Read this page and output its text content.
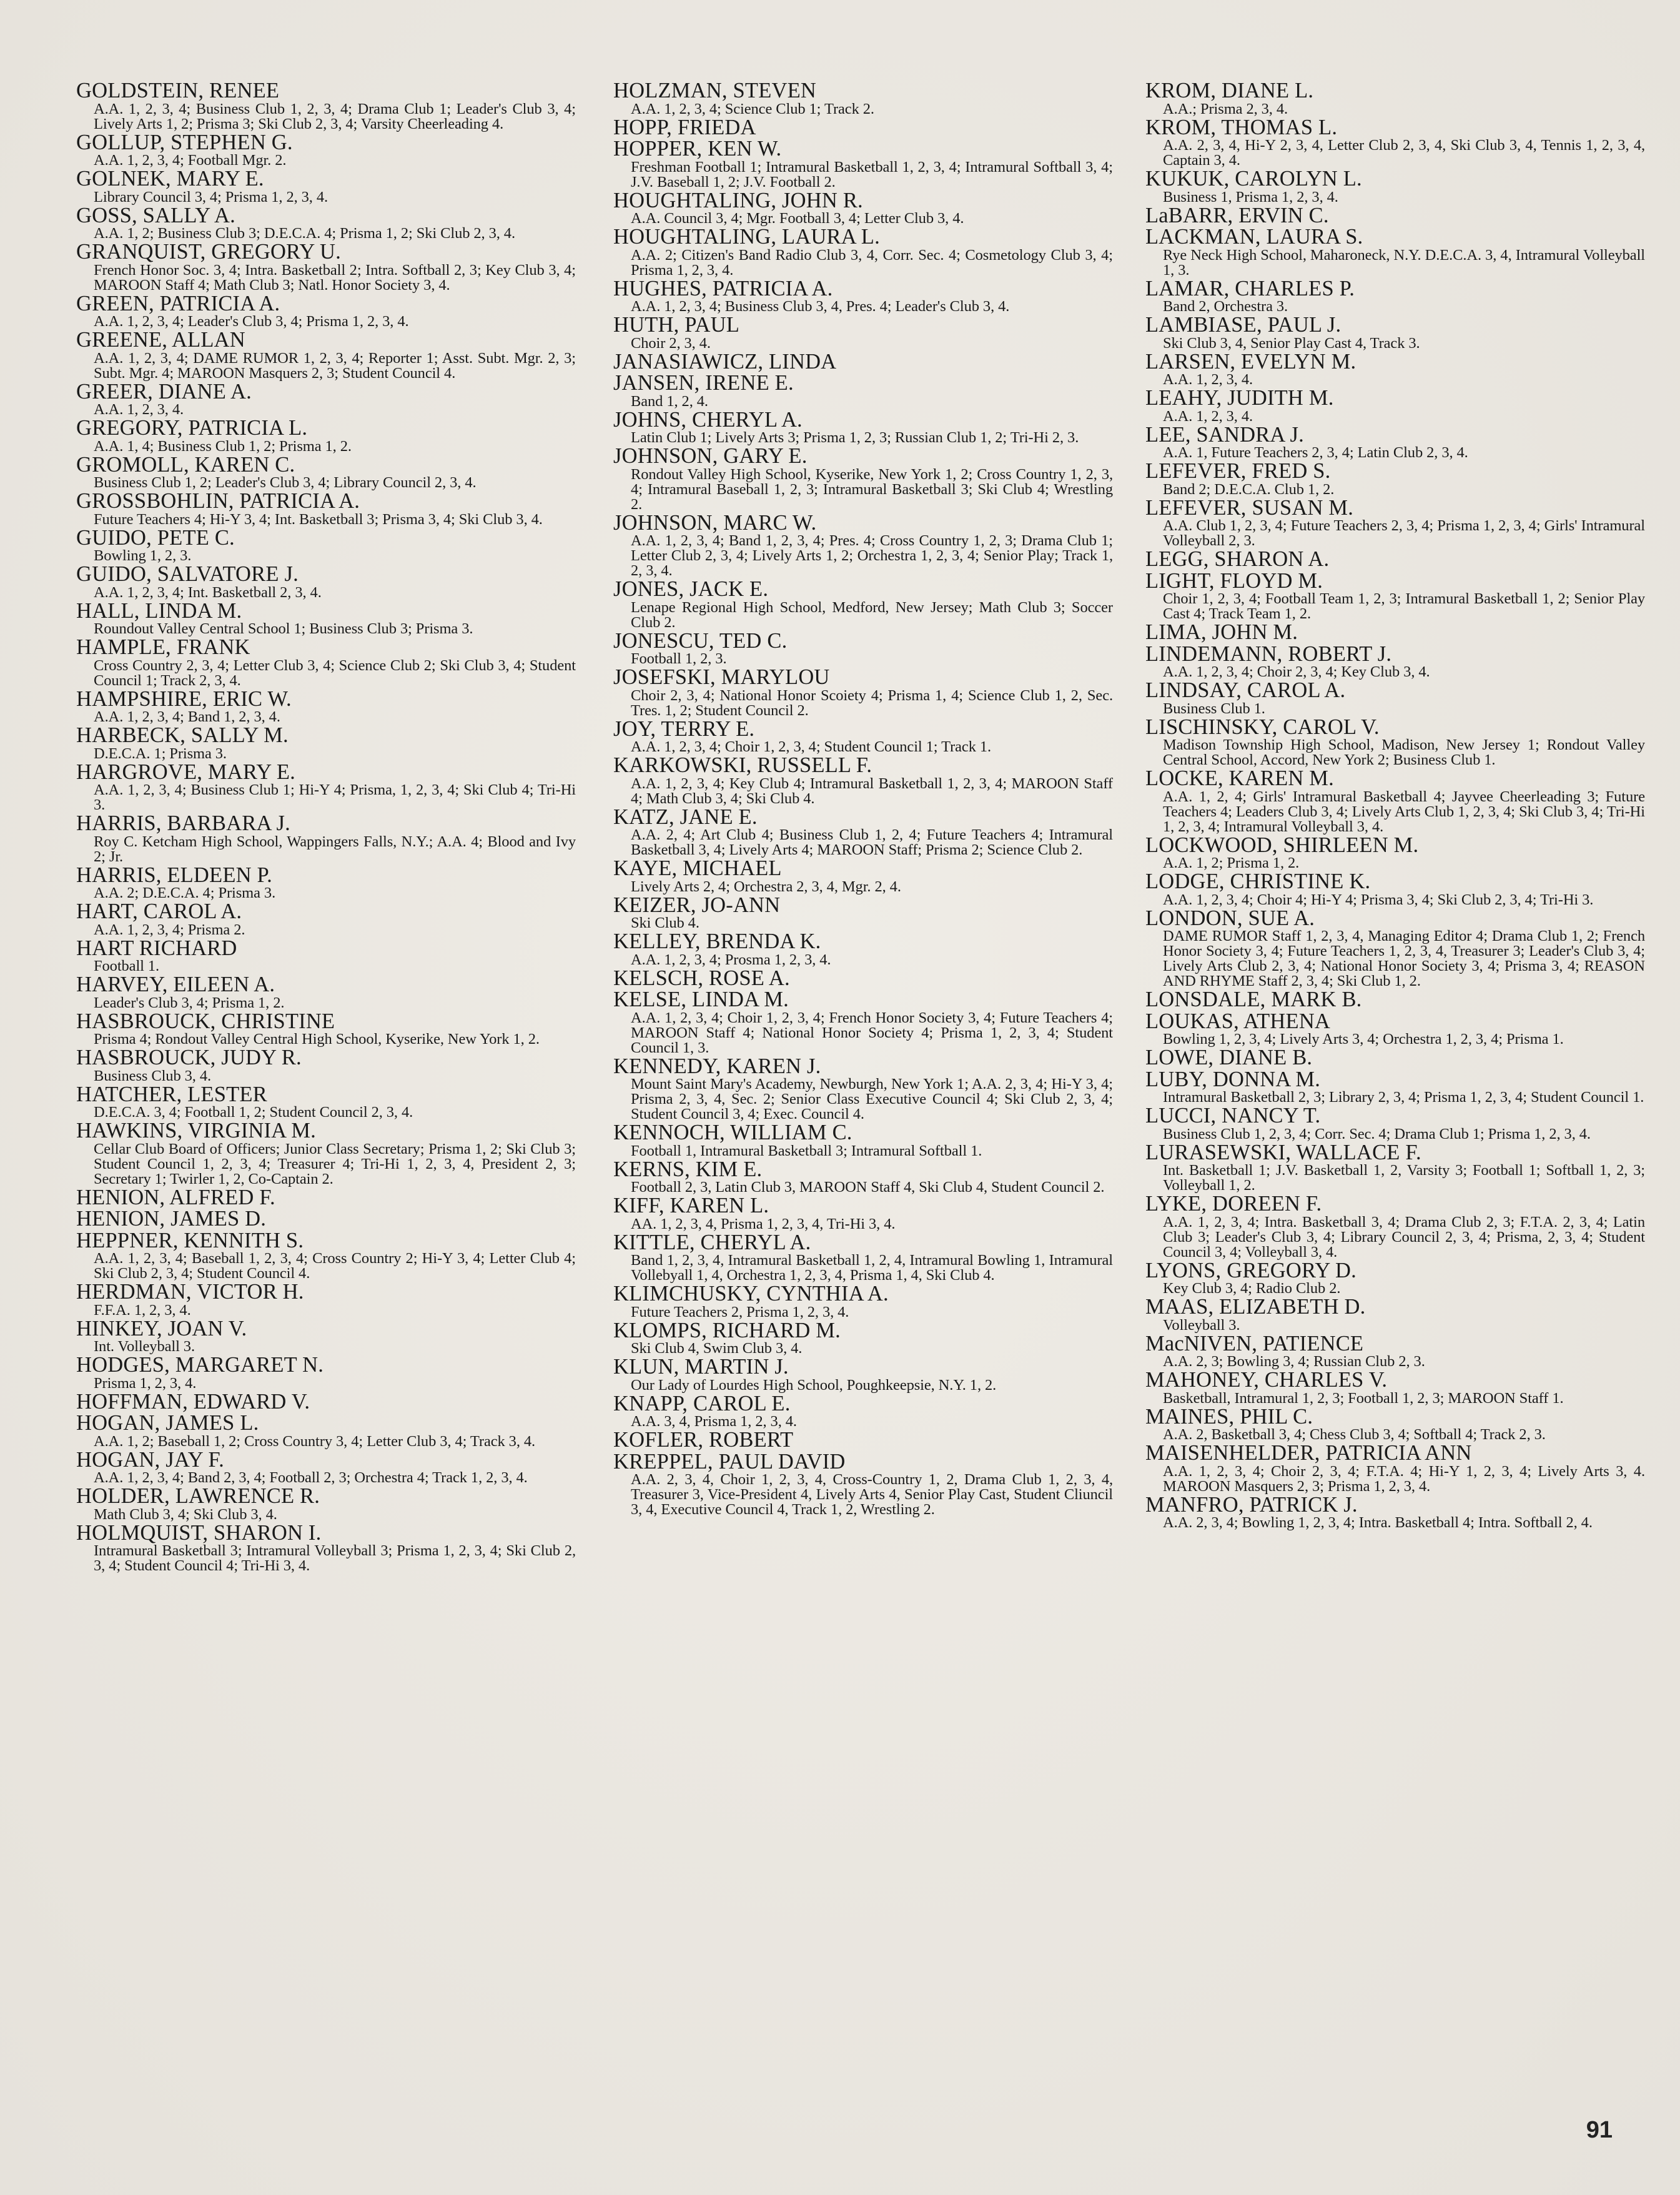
GOLDSTEIN, RENEE
A.A. 1, 2, 3, 4; Business Club 1, 2, 3, 4; Drama Club 1; Leader's Club 3, 4; Lively Arts 1, 2; Prisma 3; Ski Club 2, 3, 4; Varsity Cheerleading 4.
GOLLUP, STEPHEN G.
A.A. 1, 2, 3, 4; Football Mgr. 2.
GOLNEK, MARY E.
Library Council 3, 4; Prisma 1, 2, 3, 4.
GOSS, SALLY A.
A.A. 1, 2; Business Club 3; D.E.C.A. 4; Prisma 1, 2; Ski Club 2, 3, 4.
GRANQUIST, GREGORY U.
French Honor Soc. 3, 4; Intra. Basketball 2; Intra. Softball 2, 3; Key Club 3, 4; MAROON Staff 4; Math Club 3; Natl. Honor Society 3, 4.
GREEN, PATRICIA A.
A.A. 1, 2, 3, 4; Leader's Club 3, 4; Prisma 1, 2, 3, 4.
GREENE, ALLAN
A.A. 1, 2, 3, 4; DAME RUMOR 1, 2, 3, 4; Reporter 1; Asst. Subt. Mgr. 2, 3; Subt. Mgr. 4; MAROON Masquers 2, 3; Student Council 4.
GREER, DIANE A.
A.A. 1, 2, 3, 4.
GREGORY, PATRICIA L.
A.A. 1, 4; Business Club 1, 2; Prisma 1, 2.
GROMOLL, KAREN C.
Business Club 1, 2; Leader's Club 3, 4; Library Council 2, 3, 4.
GROSSBOHLIN, PATRICIA A.
Future Teachers 4; Hi-Y 3, 4; Int. Basketball 3; Prisma 3, 4; Ski Club 3, 4.
GUIDO, PETE C.
Bowling 1, 2, 3.
GUIDO, SALVATORE J.
A.A. 1, 2, 3, 4; Int. Basketball 2, 3, 4.
HALL, LINDA M.
Roundout Valley Central School 1; Business Club 3; Prisma 3.
HAMPLE, FRANK
Cross Country 2, 3, 4; Letter Club 3, 4; Science Club 2; Ski Club 3, 4; Student Council 1; Track 2, 3, 4.
HAMPSHIRE, ERIC W.
A.A. 1, 2, 3, 4; Band 1, 2, 3, 4.
HARBECK, SALLY M.
D.E.C.A. 1; Prisma 3.
HARGROVE, MARY E.
A.A. 1, 2, 3, 4; Business Club 1; Hi-Y 4; Prisma, 1, 2, 3, 4; Ski Club 4; Tri-Hi 3.
HARRIS, BARBARA J.
Roy C. Ketcham High School, Wappingers Falls, N.Y.; A.A. 4; Blood and Ivy 2; Jr.
HARRIS, ELDEEN P.
A.A. 2; D.E.C.A. 4; Prisma 3.
HART, CAROL A.
A.A. 1, 2, 3, 4; Prisma 2.
HART RICHARD
Football 1.
HARVEY, EILEEN A.
Leader's Club 3, 4; Prisma 1, 2.
HASBROUCK, CHRISTINE
Prisma 4; Rondout Valley Central High School, Kyserike, New York 1, 2.
HASBROUCK, JUDY R.
Business Club 3, 4.
HATCHER, LESTER
D.E.C.A. 3, 4; Football 1, 2; Student Council 2, 3, 4.
HAWKINS, VIRGINIA M.
Cellar Club Board of Officers; Junior Class Secretary; Prisma 1, 2; Ski Club 3; Student Council 1, 2, 3, 4; Treasurer 4; Tri-Hi 1, 2, 3, 4, President 2, 3; Secretary 1; Twirler 1, 2, Co-Captain 2.
HENION, ALFRED F.
HENION, JAMES D.
HEPPNER, KENNITH S.
A.A. 1, 2, 3, 4; Baseball 1, 2, 3, 4; Cross Country 2; Hi-Y 3, 4; Letter Club 4; Ski Club 2, 3, 4; Student Council 4.
HERDMAN, VICTOR H.
F.F.A. 1, 2, 3, 4.
HINKEY, JOAN V.
Int. Volleyball 3.
HODGES, MARGARET N.
Prisma 1, 2, 3, 4.
HOFFMAN, EDWARD V.
HOGAN, JAMES L.
A.A. 1, 2; Baseball 1, 2; Cross Country 3, 4; Letter Club 3, 4; Track 3, 4.
HOGAN, JAY F.
A.A. 1, 2, 3, 4; Band 2, 3, 4; Football 2, 3; Orchestra 4; Track 1, 2, 3, 4.
HOLDER, LAWRENCE R.
Math Club 3, 4; Ski Club 3, 4.
HOLMQUIST, SHARON I.
Intramural Basketball 3; Intramural Volleyball 3; Prisma 1, 2, 3, 4; Ski Club 2, 3, 4; Student Council 4; Tri-Hi 3, 4.
HOLZMAN, STEVEN
A.A. 1, 2, 3, 4; Science Club 1; Track 2.
HOPP, FRIEDA
HOPPER, KEN W.
Freshman Football 1; Intramural Basketball 1, 2, 3, 4; Intramural Softball 3, 4; J.V. Baseball 1, 2; J.V. Football 2.
HOUGHTALING, JOHN R.
A.A. Council 3, 4; Mgr. Football 3, 4; Letter Club 3, 4.
HOUGHTALING, LAURA L.
A.A. 2; Citizen's Band Radio Club 3, 4, Corr. Sec. 4; Cosmetology Club 3, 4; Prisma 1, 2, 3, 4.
HUGHES, PATRICIA A.
A.A. 1, 2, 3, 4; Business Club 3, 4, Pres. 4; Leader's Club 3, 4.
HUTH, PAUL
Choir 2, 3, 4.
JANASIAWICZ, LINDA
JANSEN, IRENE E.
Band 1, 2, 4.
JOHNS, CHERYL A.
Latin Club 1; Lively Arts 3; Prisma 1, 2, 3; Russian Club 1, 2; Tri-Hi 2, 3.
JOHNSON, GARY E.
Rondout Valley High School, Kyserike, New York 1, 2; Cross Country 1, 2, 3, 4; Intramural Baseball 1, 2, 3; Intramural Basketball 3; Ski Club 4; Wrestling 2.
JOHNSON, MARC W.
A.A. 1, 2, 3, 4; Band 1, 2, 3, 4; Pres. 4; Cross Country 1, 2, 3; Drama Club 1; Letter Club 2, 3, 4; Lively Arts 1, 2; Orchestra 1, 2, 3, 4; Senior Play; Track 1, 2, 3, 4.
JONES, JACK E.
Lenape Regional High School, Medford, New Jersey; Math Club 3; Soccer Club 2.
JONESCU, TED C.
Football 1, 2, 3.
JOSEFSKI, MARYLOU
Choir 2, 3, 4; National Honor Scoiety 4; Prisma 1, 4; Science Club 1, 2, Sec. Tres. 1, 2; Student Council 2.
JOY, TERRY E.
A.A. 1, 2, 3, 4; Choir 1, 2, 3, 4; Student Council 1; Track 1.
KARKOWSKI, RUSSELL F.
A.A. 1, 2, 3, 4; Key Club 4; Intramural Basketball 1, 2, 3, 4; MAROON Staff 4; Math Club 3, 4; Ski Club 4.
KATZ, JANE E.
A.A. 2, 4; Art Club 4; Business Club 1, 2, 4; Future Teachers 4; Intramural Basketball 3, 4; Lively Arts 4; MAROON Staff; Prisma 2; Science Club 2.
KAYE, MICHAEL
Lively Arts 2, 4; Orchestra 2, 3, 4, Mgr. 2, 4.
KEIZER, JO-ANN
Ski Club 4.
KELLEY, BRENDA K.
A.A. 1, 2, 3, 4; Prosma 1, 2, 3, 4.
KELSCH, ROSE A.
KELSE, LINDA M.
A.A. 1, 2, 3, 4; Choir 1, 2, 3, 4; French Honor Society 3, 4; Future Teachers 4; MAROON Staff 4; National Honor Society 4; Prisma 1, 2, 3, 4; Student Council 1, 3.
KENNEDY, KAREN J.
Mount Saint Mary's Academy, Newburgh, New York 1; A.A. 2, 3, 4; Hi-Y 3, 4; Prisma 2, 3, 4, Sec. 2; Senior Class Executive Council 4; Ski Club 2, 3, 4; Student Council 3, 4; Exec. Council 4.
KENNOCH, WILLIAM C.
Football 1, Intramural Basketball 3; Intramural Softball 1.
KERNS, KIM E.
Football 2, 3, Latin Club 3, MAROON Staff 4, Ski Club 4, Student Council 2.
KIFF, KAREN L.
AA. 1, 2, 3, 4, Prisma 1, 2, 3, 4, Tri-Hi 3, 4.
KITTLE, CHERYL A.
Band 1, 2, 3, 4, Intramural Basketball 1, 2, 4, Intramural Bowling 1, Intramural Vollebyall 1, 4, Orchestra 1, 2, 3, 4, Prisma 1, 4, Ski Club 4.
KLIMCHUSKY, CYNTHIA A.
Future Teachers 2, Prisma 1, 2, 3, 4.
KLOMPS, RICHARD M.
Ski Club 4, Swim Club 3, 4.
KLUN, MARTIN J.
Our Lady of Lourdes High School, Poughkeepsie, N.Y. 1, 2.
KNAPP, CAROL E.
A.A. 3, 4, Prisma 1, 2, 3, 4.
KOFLER, ROBERT
KREPPEL, PAUL DAVID
A.A. 2, 3, 4, Choir 1, 2, 3, 4, Cross-Country 1, 2, Drama Club 1, 2, 3, 4, Treasurer 3, Vice-President 4, Lively Arts 4, Senior Play Cast, Student Cliuncil 3, 4, Executive Council 4, Track 1, 2, Wrestling 2.
KROM, DIANE L.
A.A.; Prisma 2, 3, 4.
KROM, THOMAS L.
A.A. 2, 3, 4, Hi-Y 2, 3, 4, Letter Club 2, 3, 4, Ski Club 3, 4, Tennis 1, 2, 3, 4, Captain 3, 4.
KUKUK, CAROLYN L.
Business 1, Prisma 1, 2, 3, 4.
LaBARR, ERVIN C.
LACKMAN, LAURA S.
Rye Neck High School, Maharoneck, N.Y. D.E.C.A. 3, 4, Intramural Volleyball 1, 3.
LAMAR, CHARLES P.
Band 2, Orchestra 3.
LAMBIASE, PAUL J.
Ski Club 3, 4, Senior Play Cast 4, Track 3.
LARSEN, EVELYN M.
A.A. 1, 2, 3, 4.
LEAHY, JUDITH M.
A.A. 1, 2, 3, 4.
LEE, SANDRA J.
A.A. 1, Future Teachers 2, 3, 4; Latin Club 2, 3, 4.
LEFEVER, FRED S.
Band 2; D.E.C.A. Club 1, 2.
LEFEVER, SUSAN M.
A.A. Club 1, 2, 3, 4; Future Teachers 2, 3, 4; Prisma 1, 2, 3, 4; Girls' Intramural Volleyball 2, 3.
LEGG, SHARON A.
LIGHT, FLOYD M.
Choir 1, 2, 3, 4; Football Team 1, 2, 3; Intramural Basketball 1, 2; Senior Play Cast 4; Track Team 1, 2.
LIMA, JOHN M.
LINDEMANN, ROBERT J.
A.A. 1, 2, 3, 4; Choir 2, 3, 4; Key Club 3, 4.
LINDSAY, CAROL A.
Business Club 1.
LISCHINSKY, CAROL V.
Madison Township High School, Madison, New Jersey 1; Rondout Valley Central School, Accord, New York 2; Business Club 1.
LOCKE, KAREN M.
A.A. 1, 2, 4; Girls' Intramural Basketball 4; Jayvee Cheerleading 3; Future Teachers 4; Leaders Club 3, 4; Lively Arts Club 1, 2, 3, 4; Ski Club 3, 4; Tri-Hi 1, 2, 3, 4; Intramural Volleyball 3, 4.
LOCKWOOD, SHIRLEEN M.
A.A. 1, 2; Prisma 1, 2.
LODGE, CHRISTINE K.
A.A. 1, 2, 3, 4; Choir 4; Hi-Y 4; Prisma 3, 4; Ski Club 2, 3, 4; Tri-Hi 3.
LONDON, SUE A.
DAME RUMOR Staff 1, 2, 3, 4, Managing Editor 4; Drama Club 1, 2; French Honor Society 3, 4; Future Teachers 1, 2, 3, 4, Treasurer 3; Leader's Club 3, 4; Lively Arts Club 2, 3, 4; National Honor Society 3, 4; Prisma 3, 4; REASON AND RHYME Staff 2, 3, 4; Ski Club 1, 2.
LONSDALE, MARK B.
LOUKAS, ATHENA
Bowling 1, 2, 3, 4; Lively Arts 3, 4; Orchestra 1, 2, 3, 4; Prisma 1.
LOWE, DIANE B.
LUBY, DONNA M.
Intramural Basketball 2, 3; Library 2, 3, 4; Prisma 1, 2, 3, 4; Student Council 1.
LUCCI, NANCY T.
Business Club 1, 2, 3, 4; Corr. Sec. 4; Drama Club 1; Prisma 1, 2, 3, 4.
LURASEWSKI, WALLACE F.
Int. Basketball 1; J.V. Basketball 1, 2, Varsity 3; Football 1; Softball 1, 2, 3; Volleyball 1, 2.
LYKE, DOREEN F.
A.A. 1, 2, 3, 4; Intra. Basketball 3, 4; Drama Club 2, 3; F.T.A. 2, 3, 4; Latin Club 3; Leader's Club 3, 4; Library Council 2, 3, 4; Prisma, 2, 3, 4; Student Council 3, 4; Volleyball 3, 4.
LYONS, GREGORY D.
Key Club 3, 4; Radio Club 2.
MAAS, ELIZABETH D.
Volleyball 3.
MacNIVEN, PATIENCE
A.A. 2, 3; Bowling 3, 4; Russian Club 2, 3.
MAHONEY, CHARLES V.
Basketball, Intramural 1, 2, 3; Football 1, 2, 3; MAROON Staff 1.
MAINES, PHIL C.
A.A. 2, Basketball 3, 4; Chess Club 3, 4; Softball 4; Track 2, 3.
MAISENHELDER, PATRICIA ANN
A.A. 1, 2, 3, 4; Choir 2, 3, 4; F.T.A. 4; Hi-Y 1, 2, 3, 4; Lively Arts 3, 4. MAROON Masquers 2, 3; Prisma 1, 2, 3, 4.
MANFRO, PATRICK J.
A.A. 2, 3, 4; Bowling 1, 2, 3, 4; Intra. Basketball 4; Intra. Softball 2, 4.
91
